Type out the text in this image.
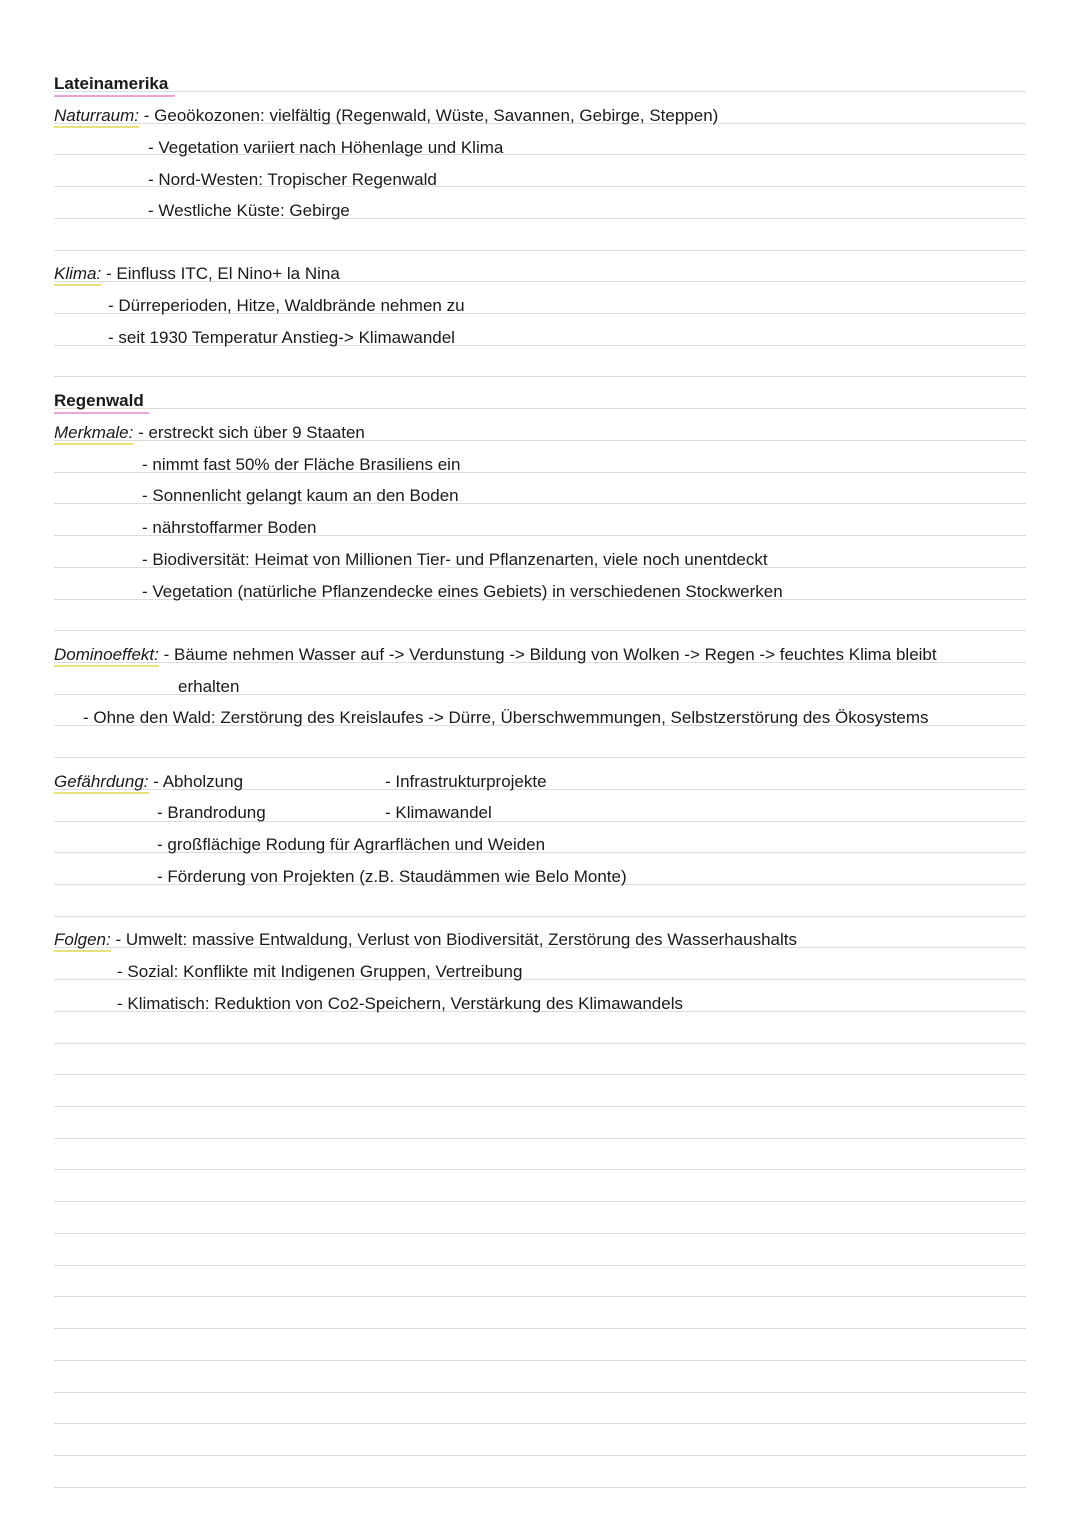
Lateinamerika
Naturraum: - Geoökozonen: vielfältig (Regenwald, Wüste, Savannen, Gebirge, Steppen)
- Vegetation variiert nach Höhenlage und Klima
- Nord-Westen: Tropischer Regenwald
- Westliche Küste: Gebirge
Klima: - Einfluss ITC, El Nino+ la Nina
- Dürreperioden, Hitze, Waldbrände nehmen zu
- seit 1930 Temperatur Anstieg-> Klimawandel
Regenwald
Merkmale: - erstreckt sich über 9 Staaten
- nimmt fast 50% der Fläche Brasiliens ein
- Sonnenlicht gelangt kaum an den Boden
- nährstoffarmer Boden
- Biodiversität: Heimat von Millionen Tier- und Pflanzenarten, viele noch unentdeckt
- Vegetation (natürliche Pflanzendecke eines Gebiets) in verschiedenen Stockwerken
Dominoeffekt: - Bäume nehmen Wasser auf -> Verdunstung -> Bildung von Wolken -> Regen -> feuchtes Klima bleibt
erhalten
- Ohne den Wald: Zerstörung des Kreislaufes -> Dürre, Überschwemmungen, Selbstzerstörung des Ökosystems
Gefährdung: - Abholzung	- Infrastrukturprojekte
- Brandrodung	- Klimawandel
- großflächige Rodung für Agrarflächen und Weiden
- Förderung von Projekten (z.B. Staudämmen wie Belo Monte)
Folgen: - Umwelt: massive Entwaldung, Verlust von Biodiversität, Zerstörung des Wasserhaushalts
- Sozial: Konflikte mit Indigenen Gruppen, Vertreibung
- Klimatisch: Reduktion von Co2-Speichern, Verstärkung des Klimawandels
